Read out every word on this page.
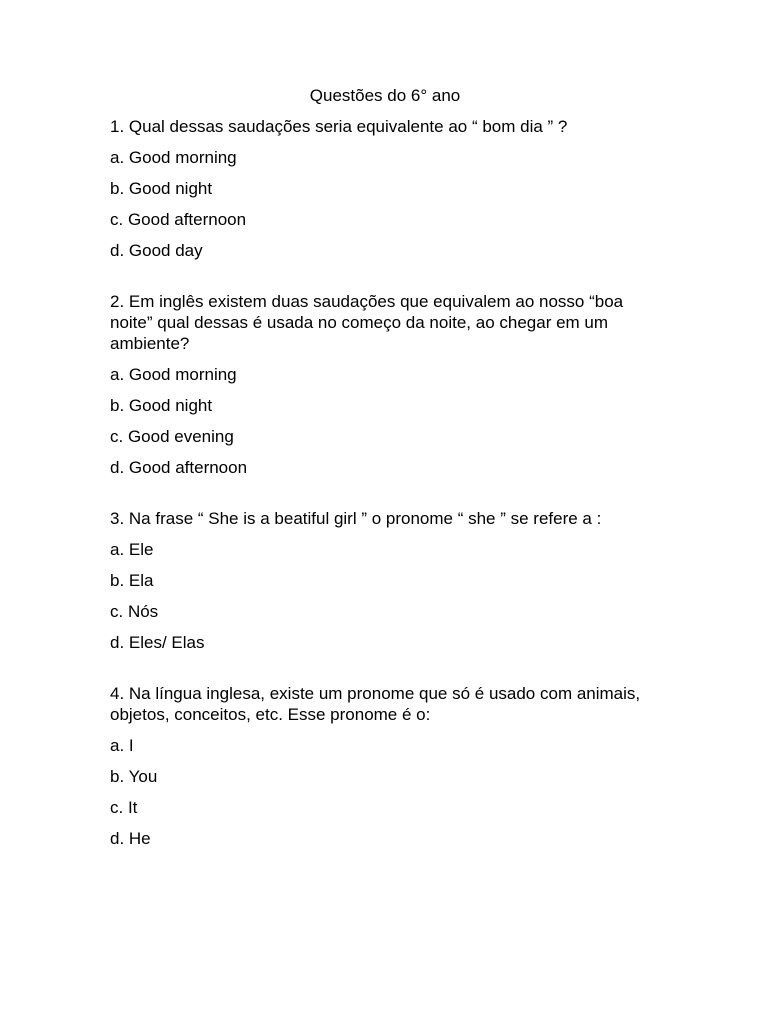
Questões do 6° ano
1. Qual dessas saudações seria equivalente ao “ bom dia ” ?
a. Good morning
b. Good night
c. Good afternoon
d. Good day
2. Em inglês existem duas saudações que equivalem ao nosso “boa noite” qual dessas é usada no começo da noite, ao chegar em um ambiente?
a. Good morning
b. Good night
c. Good evening
d. Good afternoon
3. Na frase “ She is a beatiful girl ” o pronome “ she ” se refere a :
a. Ele
b. Ela
c. Nós
d. Eles/ Elas
4. Na língua inglesa, existe um pronome que só é usado com animais, objetos, conceitos, etc. Esse pronome é o:
a. I
b. You
c. It
d. He
